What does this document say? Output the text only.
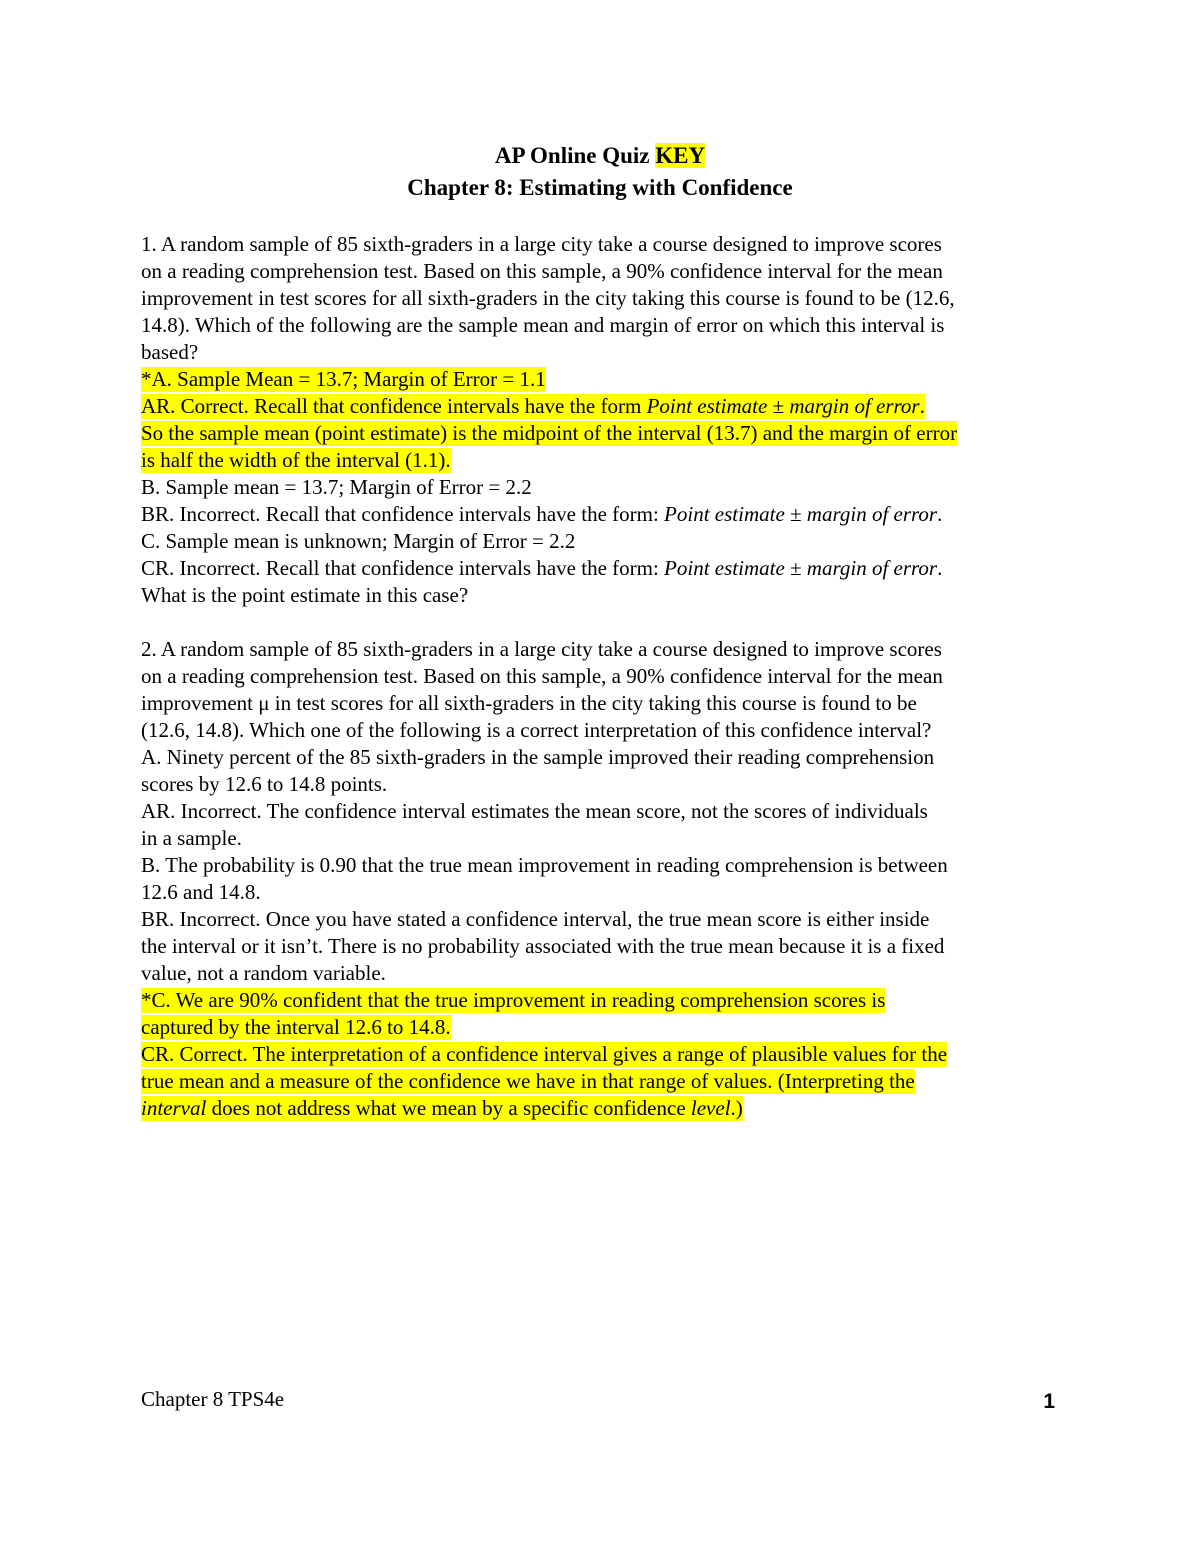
AP Online Quiz KEY
Chapter 8: Estimating with Confidence
1. A random sample of 85 sixth-graders in a large city take a course designed to improve scores
on a reading comprehension test. Based on this sample, a 90% confidence interval for the mean
improvement in test scores for all sixth-graders in the city taking this course is found to be (12.6,
14.8). Which of the following are the sample mean and margin of error on which this interval is
based?
*A. Sample Mean = 13.7; Margin of Error = 1.1
AR. Correct. Recall that confidence intervals have the form Point estimate ± margin of error.
So the sample mean (point estimate) is the midpoint of the interval (13.7) and the margin of error
is half the width of the interval (1.1).
B. Sample mean = 13.7; Margin of Error = 2.2
BR. Incorrect. Recall that confidence intervals have the form: Point estimate ± margin of error.
C. Sample mean is unknown; Margin of Error = 2.2
CR. Incorrect. Recall that confidence intervals have the form: Point estimate ± margin of error.
What is the point estimate in this case?
2. A random sample of 85 sixth-graders in a large city take a course designed to improve scores
on a reading comprehension test. Based on this sample, a 90% confidence interval for the mean
improvement μ in test scores for all sixth-graders in the city taking this course is found to be
(12.6, 14.8). Which one of the following is a correct interpretation of this confidence interval?
A. Ninety percent of the 85 sixth-graders in the sample improved their reading comprehension
scores by 12.6 to 14.8 points.
AR. Incorrect. The confidence interval estimates the mean score, not the scores of individuals
in a sample.
B. The probability is 0.90 that the true mean improvement in reading comprehension is between
12.6 and 14.8.
BR. Incorrect. Once you have stated a confidence interval, the true mean score is either inside
the interval or it isn’t. There is no probability associated with the true mean because it is a fixed
value, not a random variable.
*C. We are 90% confident that the true improvement in reading comprehension scores is
captured by the interval 12.6 to 14.8.
CR. Correct. The interpretation of a confidence interval gives a range of plausible values for the
true mean and a measure of the confidence we have in that range of values. (Interpreting the
interval does not address what we mean by a specific confidence level.)
Chapter 8 TPS4e	1
